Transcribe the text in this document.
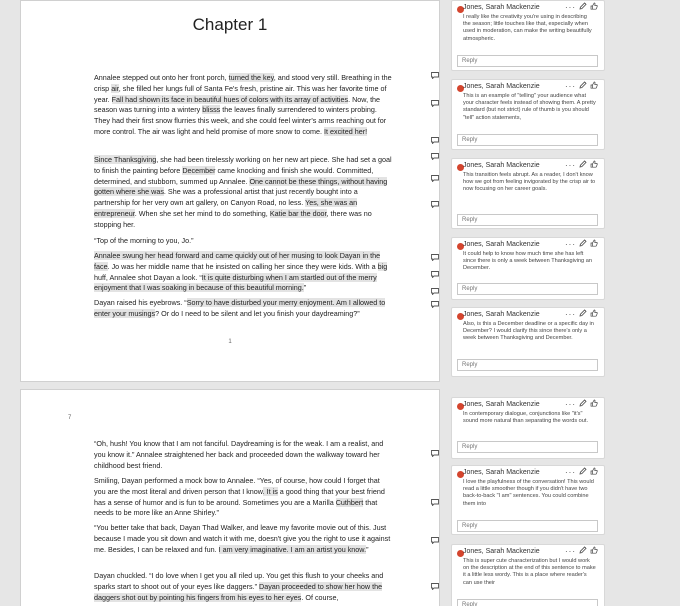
Chapter 1

Annalee stepped out onto her front porch, turned the key, and stood very still. Breathing in the crisp air, she filled her lungs full of Santa Fe's fresh, pristine air. This was her favorite time of year. Fall had shown its face in beautiful hues of colors with its array of activities. Now, the season was turning into a wintery blisss the leaves finally surrendered to winters probing. They had their first snow flurries this week, and she could feel winter's arms reaching out for more control. The air was light and held promise of more snow to come. It excited her!

Since Thanksgiving, she had been tirelessly working on her new art piece. She had set a goal to finish the painting before December came knocking and finish she would. Committed, determined, and stubborn, summed up Annalee. One cannot be these things, without having gotten where she was. She was a professional artist that just recently bought into a partnership for her very own art gallery, on Canyon Road, no less. Yes, she was an entrepreneur. When she set her mind to do something, Katie bar the door, there was no stopping her.

“Top of the morning to you, Jo.”

Annalee swung her head forward and came quickly out of her musing to look Dayan in the face. Jo was her middle name that he insisted on calling her since they were kids. With a big huff, Annalee shot Dayan a look. “It is quite disturbing when I am startled out of the merry enjoyment that I was soaking in because of this beautiful morning.”

Dayan raised his eyebrows. “Sorry to have disturbed your merry enjoyment. Am I allowed to enter your musings? Or do I need to be silent and let you finish your daydreaming?”

1
7

“Oh, hush! You know that I am not fanciful. Daydreaming is for the weak. I am a realist, and you know it.” Annalee straightened her back and proceeded down the walkway toward her childhood best friend.

Smiling, Dayan performed a mock bow to Annalee. “Yes, of course, how could I forget that you are the most literal and driven person that I know. It is a good thing that your best friend has a sense of humor and is fun to be around. Sometimes you are a Marilla Cuthbert that needs to be more like an Anne Shirley.”

“You better take that back, Dayan Thad Walker, and leave my favorite movie out of this. Just because I made you sit down and watch it with me, doesn't give you the right to use it against me. Besides, I can be relaxed and fun. I am very imaginative. I am an artist you know.”

Dayan chuckled. “I do love when I get you all riled up. You get this flush to your cheeks and sparks start to shoot out of your eyes like daggers.” Dayan proceeded to show her how the daggers shot out by pointing his fingers from his eyes to her eyes. Of course,

Jones, Sarah Mackenzie	···
I really like the creativity you're using in describing the season; little touches like that, especially when used in moderation, can make the writing beautifully atmospheric.
Reply
Jones, Sarah Mackenzie	···
This is an example of "telling" your audience what your character feels instead of showing them. A pretty standard (but not strict) rule of thumb is you should "tell" action statements,
Reply
Jones, Sarah Mackenzie	···
This transition feels abrupt. As a reader, I don't know how we got from feeling invigorated by the crisp air to now focusing on her career goals.
Reply
Jones, Sarah Mackenzie	···
It could help to know how much time she has left since there is only a week between Thanksgiving an December.
Reply
Jones, Sarah Mackenzie	···
Also, is this a December deadline or a specific day in December? I would clarify this since there's only a week between Thanksgiving and December.
Reply
Jones, Sarah Mackenzie	···
In contemporary dialogue, conjunctions like "it's" sound more natural than separating the words out.
Reply
Jones, Sarah Mackenzie	···
I love the playfulness of the conversation! This would read a little smoother though if you didn't have two back-to-back "I am" sentences. You could combine them into
Reply
Jones, Sarah Mackenzie	···
This is super cute characterization but I would work on the description at the end of this sentence to make it a little less wordy. This is a place where reader's can use their
Reply
